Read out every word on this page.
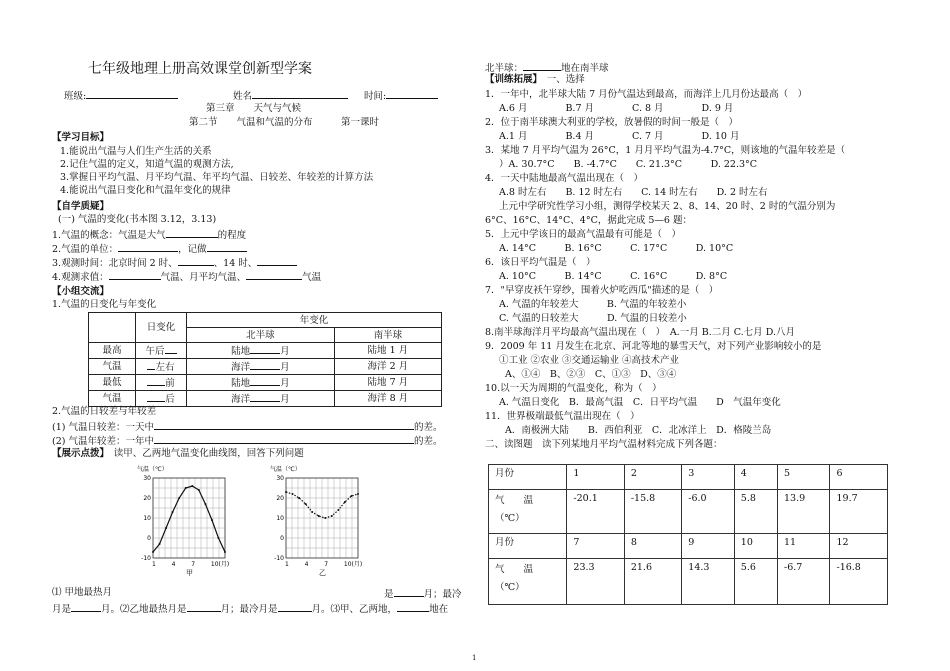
七年级地理上册高效课堂创新型学案
班级:	姓名	时间:
第三章　　天气与气候
第二节　　气温和气温的分布　　　第一课时
【学习目标】
1.能说出气温与人们生产生活的关系
2.记住气温的定义，知道气温的观测方法,
3.掌握日平均气温、月平均气温、年平均气温、日较差、年较差的计算方法
4.能说出气温日变化和气温年变化的规律
【自学质疑】
(一) 气温的变化(书本图 3.12，3.13)
1.气温的概念：气温是大气	的程度
2.气温的单位：	，记做
3.观测时间：北京时间 2 时、	、14 时、
4.观测求值：	气温、月平均气温、	气温
【小组交流】
1.气温的日变化与年变化
	日变化	年变化	
		北半球	南半球
最高	午后	陆地 月	陆地 1 月
气温	左右	海洋 月	海洋 2 月
最低	前	陆地 月	陆地 7 月
气温	后	海洋 月	海洋 8 月
2.气温的日较差与年较差
(1) 气温日较差：一天中	的差。
(2) 气温年较差：一年中	的差。
【展示点拨】　 读甲、乙两地气温变化曲线图，回答下列问题
气温（℃）
30
20
10
0
-10
1	4	7	10(月)
甲
气温（℃）
30
20
10
0
-10
1	4	7	10(月)
乙
⑴ 甲地最热月	是	月；最冷
月是	月。⑵乙地最热月是	月；最冷月是	月。⑶甲、乙两地，	地在
北半球：	地在南半球
【训练拓展】　 一、选择
1．一年中，北半球大陆 7 月份气温达到最高，而海洋上几月份达最高（　）
A.6 月　　　　B.7 月　　　　C. 8 月　　　　D. 9 月
2．位于南半球澳大利亚的学校，放暑假的时间一般是（　）
A.1 月　　　　B.4 月　　　　C. 7 月　　　　D. 10 月
3．某地 7 月平均气温为 26°C，1 月月平均气温为-4.7°C，则该地的气温年较差是（
）A. 30.7°C　　B. -4.7°C　　C. 21.3°C　　　D. 22.3°C
4．一天中陆地最高气温出现在（　）
A.8 时左右　　B. 12 时左右　　C. 14 时左右　　D. 2 时左右
上元中学研究性学习小组，测得学校某天 2、8、14、20 时、2 时的气温分别为
6°C、16°C、14°C、4°C，据此完成 5—6 题：
5．上元中学该日的最高气温最有可能是（　）
A. 14°C　　　B. 16°C　　　C. 17°C　　　D. 10°C
6．该日平均气温是（　）
A. 10°C　　　B. 14°C　　　C. 16°C　　　D. 8°C
7．"早穿皮袄午穿纱，围着火炉吃西瓜"描述的是（　）
A. 气温的年较差大　　　B. 气温的年较差小
C. 气温的日较差大　　　D. 气温的日较差小
8.南半球海洋月平均最高气温出现在（　）　A.一月 B.二月 C.七月 D.八月
9．2009 年 11 月发生在北京、河北等地的暴雪天气，对下列产业影响较小的是
①工业 ②农业 ③交通运输业 ④高技术产业
A、①④　B、②③　C、①③　D、③④
10.以一天为周期的气温变化，称为（　）
A. 气温日变化　B．最高气温　C．日平均气温　　D　气温年变化
11．世界极端最低气温出现在（　）
A．南极洲大陆　　B．西伯利亚　C．北冰洋上　D．格陵兰岛
二、读图题　读下列某地月平均气温材料完成下列各题：
月份	1	2	3	4	5	6
气　　温
（℃）	-20.1	-15.8	-6.0	5.8	13.9	19.7
月份	7	8	9	10	11	12
气　　温
（℃）	23.3	21.6	14.3	5.6	-6.7	-16.8
1
